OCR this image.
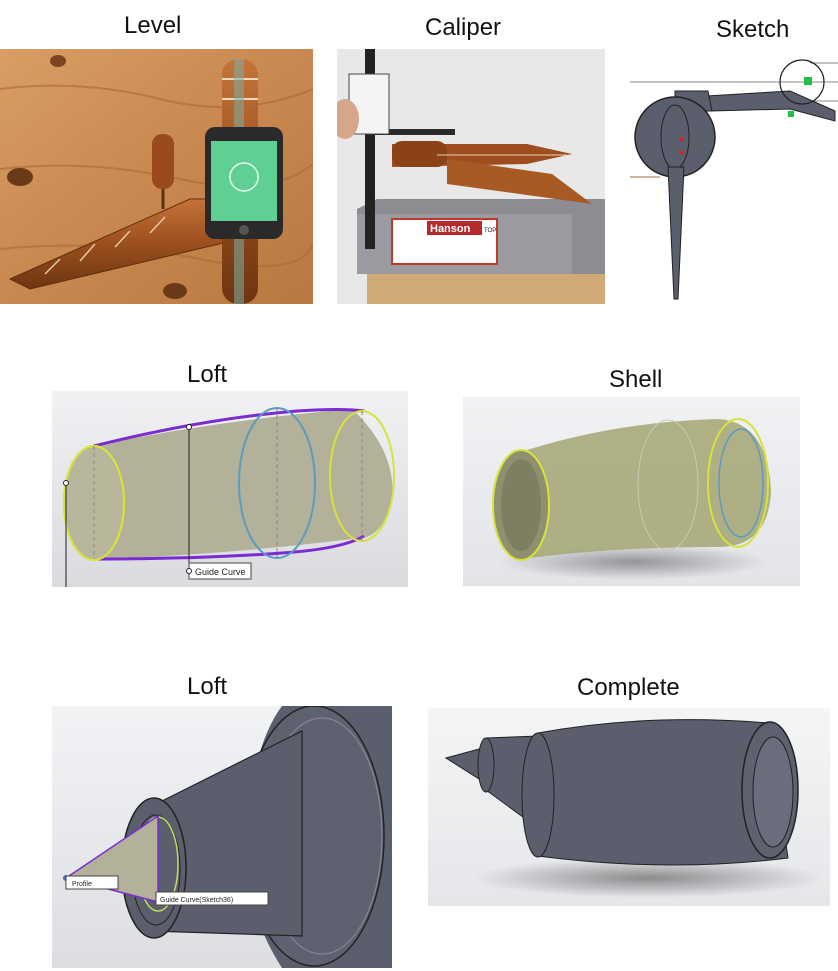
Level	Caliper
Hanson TOP
Sketch
Loft
Guide Curve
Shell
Loft
Profile
Guide Curve(Sketch36)
Complete
